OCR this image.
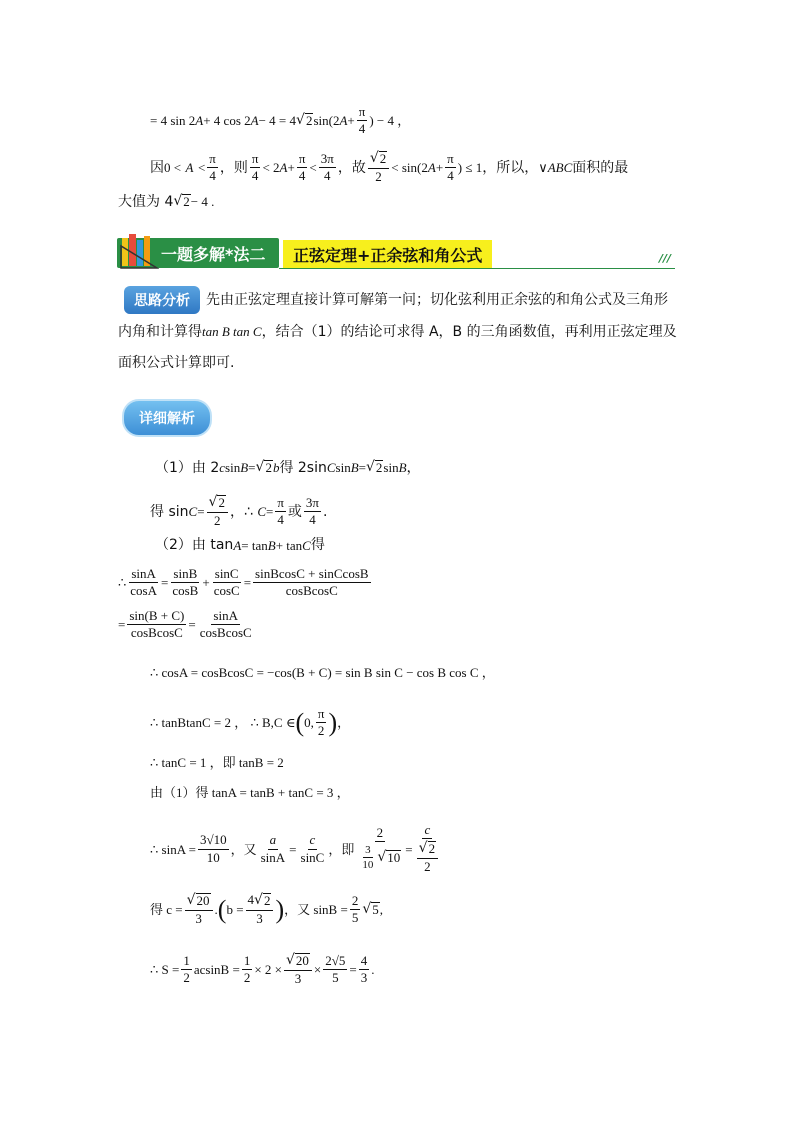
= 4 sin 2 A + 4 cos 2 A − 4 = 4 √ 2 sin(2 $A + \frac{\pi}{4}$ ) − 4 ，
因 0 <
A
< $\frac{\pi}{4}$ ，则 $\frac{\pi}{4} < 2$ $A + \frac{\pi}{4} < \frac{3\pi}{4}$ ，故 $\frac{√ 2}{2} < \sin(2$ $A + \frac{\pi}{4}$ ) ≤ 1 ，所以， ∨ ABC 面积的最
大值为 4 √ 2 − 4 .
一题多解*法二	正弦定理+正余弦和角公式	///
思路分析	先由正弦定理直接计算可解第一问；切化弦利用正余弦的和角公式及三角形内角和计算得tan B tan C，结合（1）的结论可求得 A，B 的三角函数值，再利用正弦定理及面积公式计算即可.
详细解析
（1）由 2 c sin B = √ 2 b 得 2sin C sin B = √ 2 sin B ，
得 $\sin C = \frac{√ 2}{2}$ ，∴
$C = \frac{\pi}{4}$ 或 $\frac{3\pi}{4}$ .
（2）由 tan A = tan B + tan C 得
∴ $\frac{\sin A}{\cos A} = \frac{\sin B}{\cos B} + \frac{\sin C}{\cos C} = \frac{\text{sinBcosC + sinCcosB}}{\text{cosBcosC}}$
= $\frac{\sin(B + C)}{\text{cosBcosC}} = \frac{\sin A}{\text{cosBcosC}}$
∴ cosA = cosBcosC = −cos(B + C) = sin B sin C − cos B cos C ，
∴ tanBtanC = 2 ， ∴ B,C ∈ ( 0, $\frac{\pi}{2}$ ) ，
∴ tanC = 1 ，即 tanB = 2
由（1）得 tanA = tanB + tanC = 3 ，
∴ $\sin A = \frac{3√10}{10}$ ，又 $\frac{a}{\sin A} = \frac{c}{\sin C}$ ，即 $\frac{2}{\frac{3}{10} √ 10} = \frac{c}{\frac{√ 2}{2}}$
得 $c = \frac{√ 20}{3}$ . ( $b = \frac{4 √ 2}{3}$ ) ，又 $\sin B = \frac{2}{5}$ √ 5 ,
∴ $S = \frac{1}{2}$ $acsinB = \frac{1}{2} \times 2 \times \frac{√ 20}{3} \times \frac{2√5}{5} = \frac{4}{3}$ .
